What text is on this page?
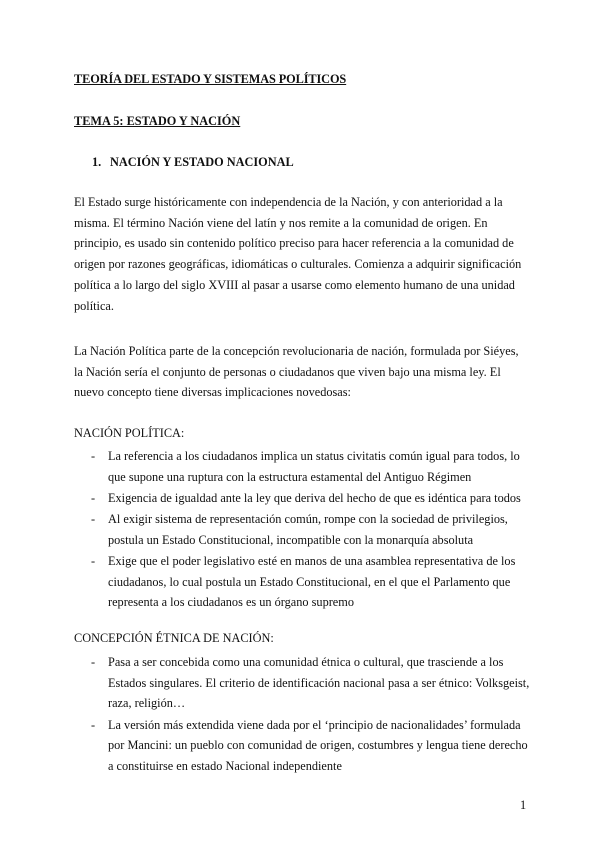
TEORÍA DEL ESTADO Y SISTEMAS POLÍTICOS
TEMA 5: ESTADO Y NACIÓN
1. NACIÓN Y ESTADO NACIONAL
El Estado surge históricamente con independencia de la Nación, y con anterioridad a la misma. El término Nación viene del latín y nos remite a la comunidad de origen. En principio, es usado sin contenido político preciso para hacer referencia a la comunidad de origen por razones geográficas, idiomáticas o culturales. Comienza a adquirir significación política a lo largo del siglo XVIII al pasar a usarse como elemento humano de una unidad política.
La Nación Política parte de la concepción revolucionaria de nación, formulada por Siéyes, la Nación sería el conjunto de personas o ciudadanos que viven bajo una misma ley. El nuevo concepto tiene diversas implicaciones novedosas:
NACIÓN POLÍTICA:
- La referencia a los ciudadanos implica un status civitatis común igual para todos, lo que supone una ruptura con la estructura estamental del Antiguo Régimen
- Exigencia de igualdad ante la ley que deriva del hecho de que es idéntica para todos
- Al exigir sistema de representación común, rompe con la sociedad de privilegios, postula un Estado Constitucional, incompatible con la monarquía absoluta
- Exige que el poder legislativo esté en manos de una asamblea representativa de los ciudadanos, lo cual postula un Estado Constitucional, en el que el Parlamento que representa a los ciudadanos es un órgano supremo
CONCEPCIÓN ÉTNICA DE NACIÓN:
- Pasa a ser concebida como una comunidad étnica o cultural, que trasciende a los Estados singulares. El criterio de identificación nacional pasa a ser étnico: Volksgeist, raza, religión…
- La versión más extendida viene dada por el ‘principio de nacionalidades’ formulada por Mancini: un pueblo con comunidad de origen, costumbres y lengua tiene derecho a constituirse en estado Nacional independiente
1
